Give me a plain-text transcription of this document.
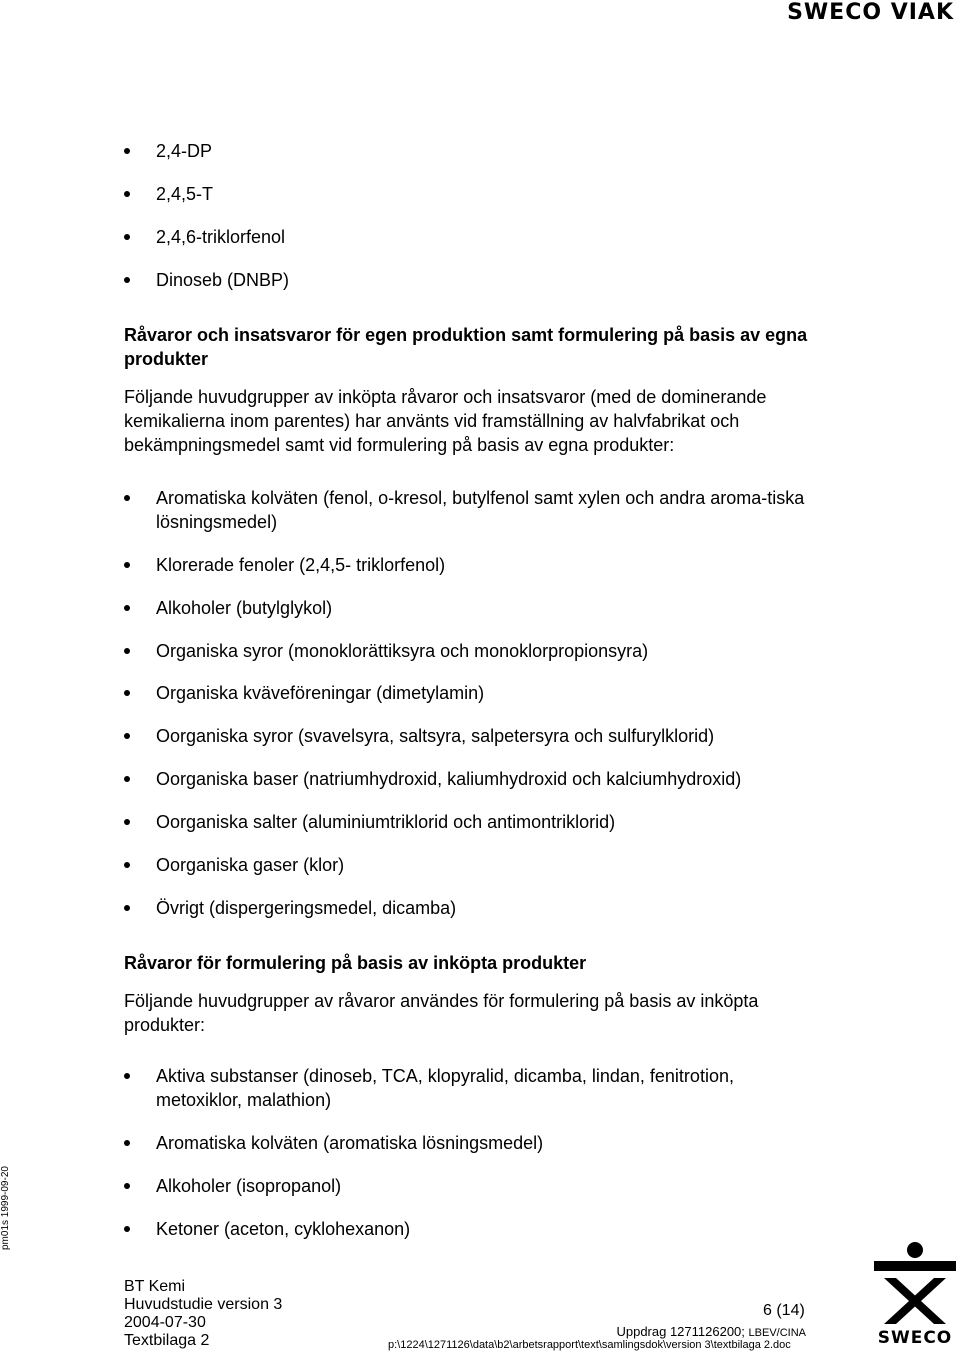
SWECO VIAK
2,4-DP
2,4,5-T
2,4,6-triklorfenol
Dinoseb (DNBP)
Råvaror och insatsvaror för egen produktion samt formulering på basis av egna produkter
Följande huvudgrupper av inköpta råvaror och insatsvaror (med de dominerande kemikalierna inom parentes) har använts vid framställning av halvfabrikat och bekämpningsmedel samt vid formulering på basis av egna produkter:
Aromatiska kolväten (fenol, o-kresol, butylfenol samt xylen och andra aroma-tiska lösningsmedel)
Klorerade fenoler (2,4,5- triklorfenol)
Alkoholer (butylglykol)
Organiska syror (monoklorättiksyra och monoklorpropionsyra)
Organiska kväveföreningar (dimetylamin)
Oorganiska syror (svavelsyra, saltsyra, salpetersyra och sulfurylklorid)
Oorganiska baser (natriumhydroxid, kaliumhydroxid och kalciumhydroxid)
Oorganiska salter (aluminiumtriklorid och antimontriklorid)
Oorganiska gaser (klor)
Övrigt (dispergeringsmedel, dicamba)
Råvaror för formulering på basis av inköpta produkter
Följande huvudgrupper av råvaror användes för formulering på basis av inköpta produkter:
Aktiva substanser (dinoseb, TCA, klopyralid, dicamba, lindan, fenitrotion, metoxiklor, malathion)
Aromatiska kolväten (aromatiska lösningsmedel)
Alkoholer (isopropanol)
Ketoner (aceton, cyklohexanon)
pm01s 1999-09-20
BT Kemi
Huvudstudie version 3
2004-07-30
Textbilaga 2
6 (14)
Uppdrag 1271126200; LBEV/CINA
p:\1224\1271126\data\b2\arbetsrapport\text\samlingsdok\version 3\textbilaga 2.doc	SWECO
